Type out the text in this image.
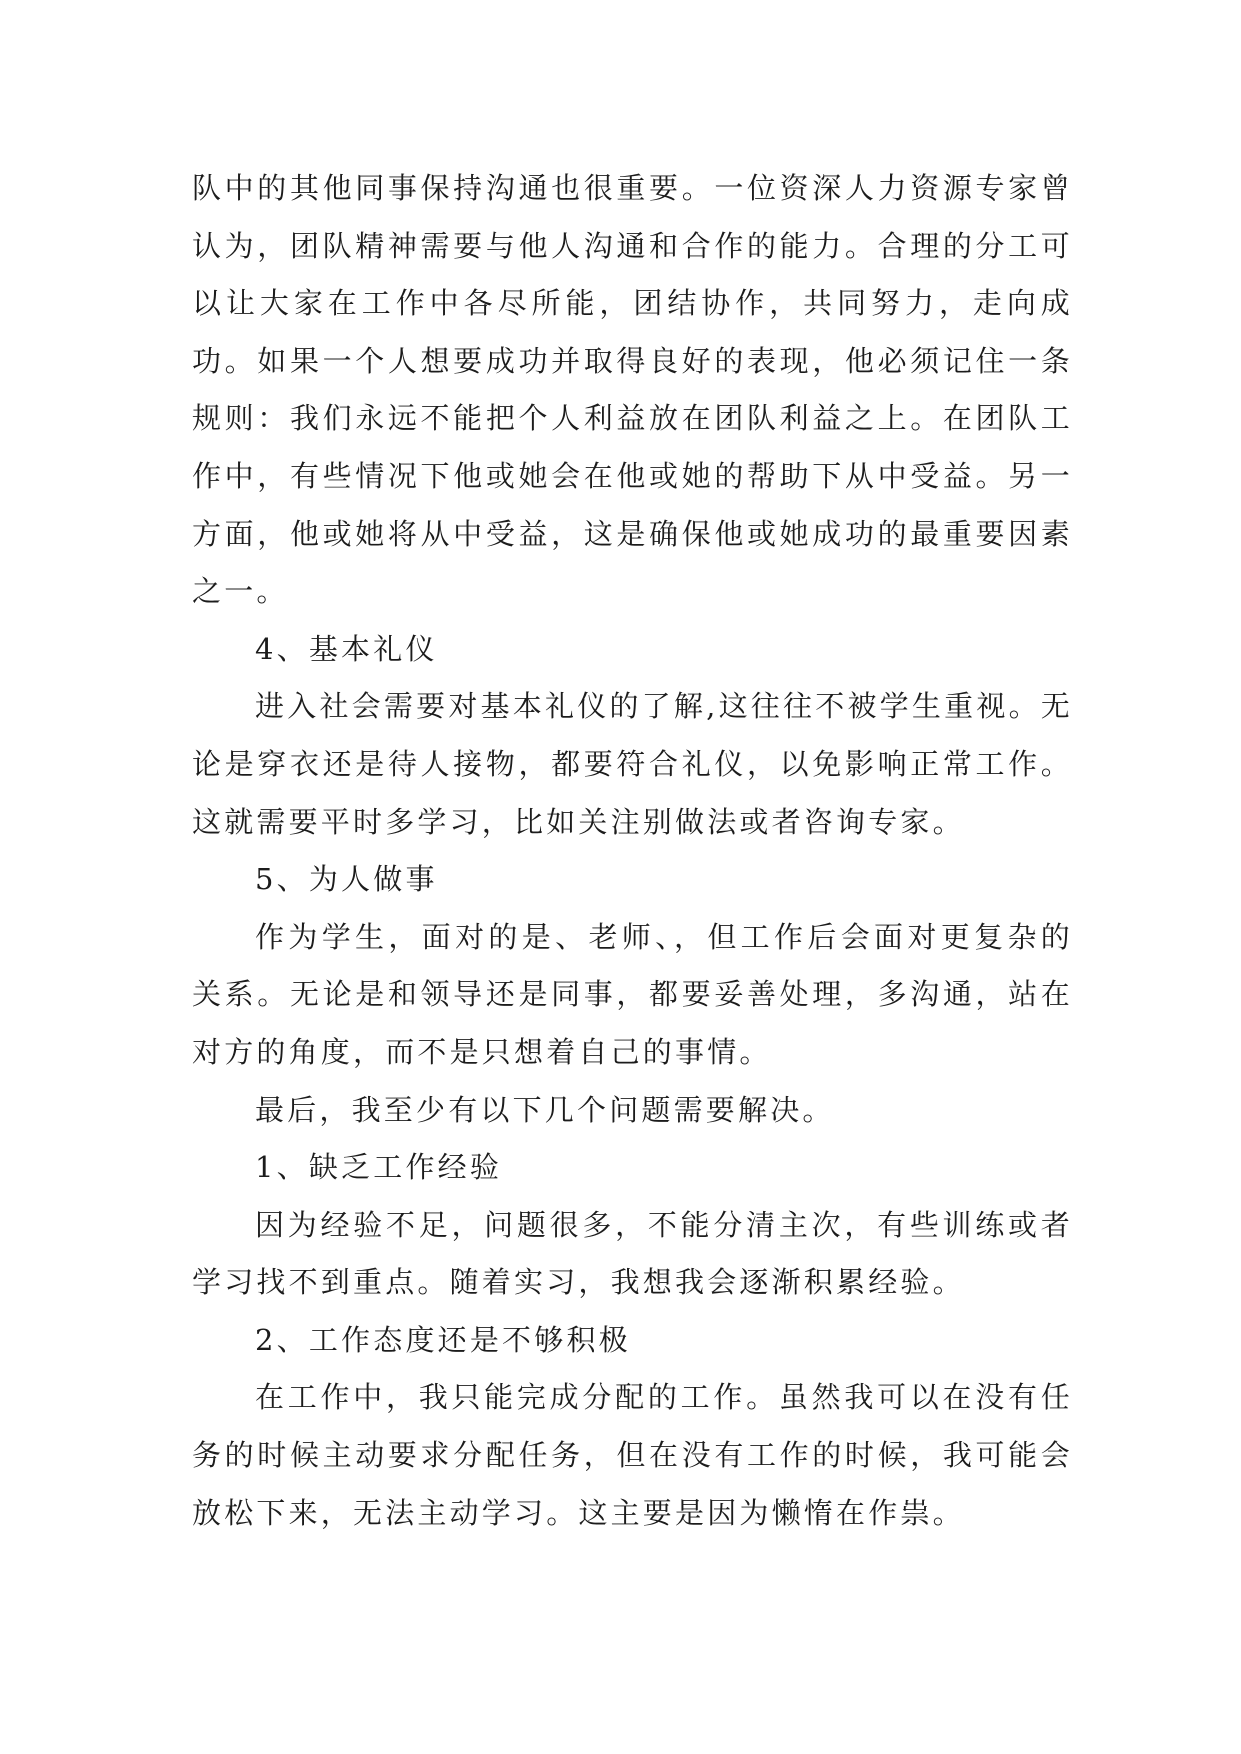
队中的其他同事保持沟通也很重要。一位资深人力资源专家曾认为，团队精神需要与他人沟通和合作的能力。合理的分工可以让大家在工作中各尽所能，团结协作，共同努力，走向成功。如果一个人想要成功并取得良好的表现，他必须记住一条规则：我们永远不能把个人利益放在团队利益之上。在团队工作中，有些情况下他或她会在他或她的帮助下从中受益。另一方面，他或她将从中受益，这是确保他或她成功的最重要因素之一。

4、基本礼仪

进入社会需要对基本礼仪的了解,这往往不被学生重视。无论是穿衣还是待人接物，都要符合礼仪，以免影响正常工作。这就需要平时多学习，比如关注别做法或者咨询专家。

5、为人做事

作为学生，面对的是、老师、，但工作后会面对更复杂的关系。无论是和领导还是同事，都要妥善处理，多沟通，站在对方的角度，而不是只想着自己的事情。

最后，我至少有以下几个问题需要解决。

1、缺乏工作经验

因为经验不足，问题很多，不能分清主次，有些训练或者学习找不到重点。随着实习，我想我会逐渐积累经验。

2、工作态度还是不够积极

在工作中，我只能完成分配的工作。虽然我可以在没有任务的时候主动要求分配任务，但在没有工作的时候，我可能会放松下来，无法主动学习。这主要是因为懒惰在作祟。
